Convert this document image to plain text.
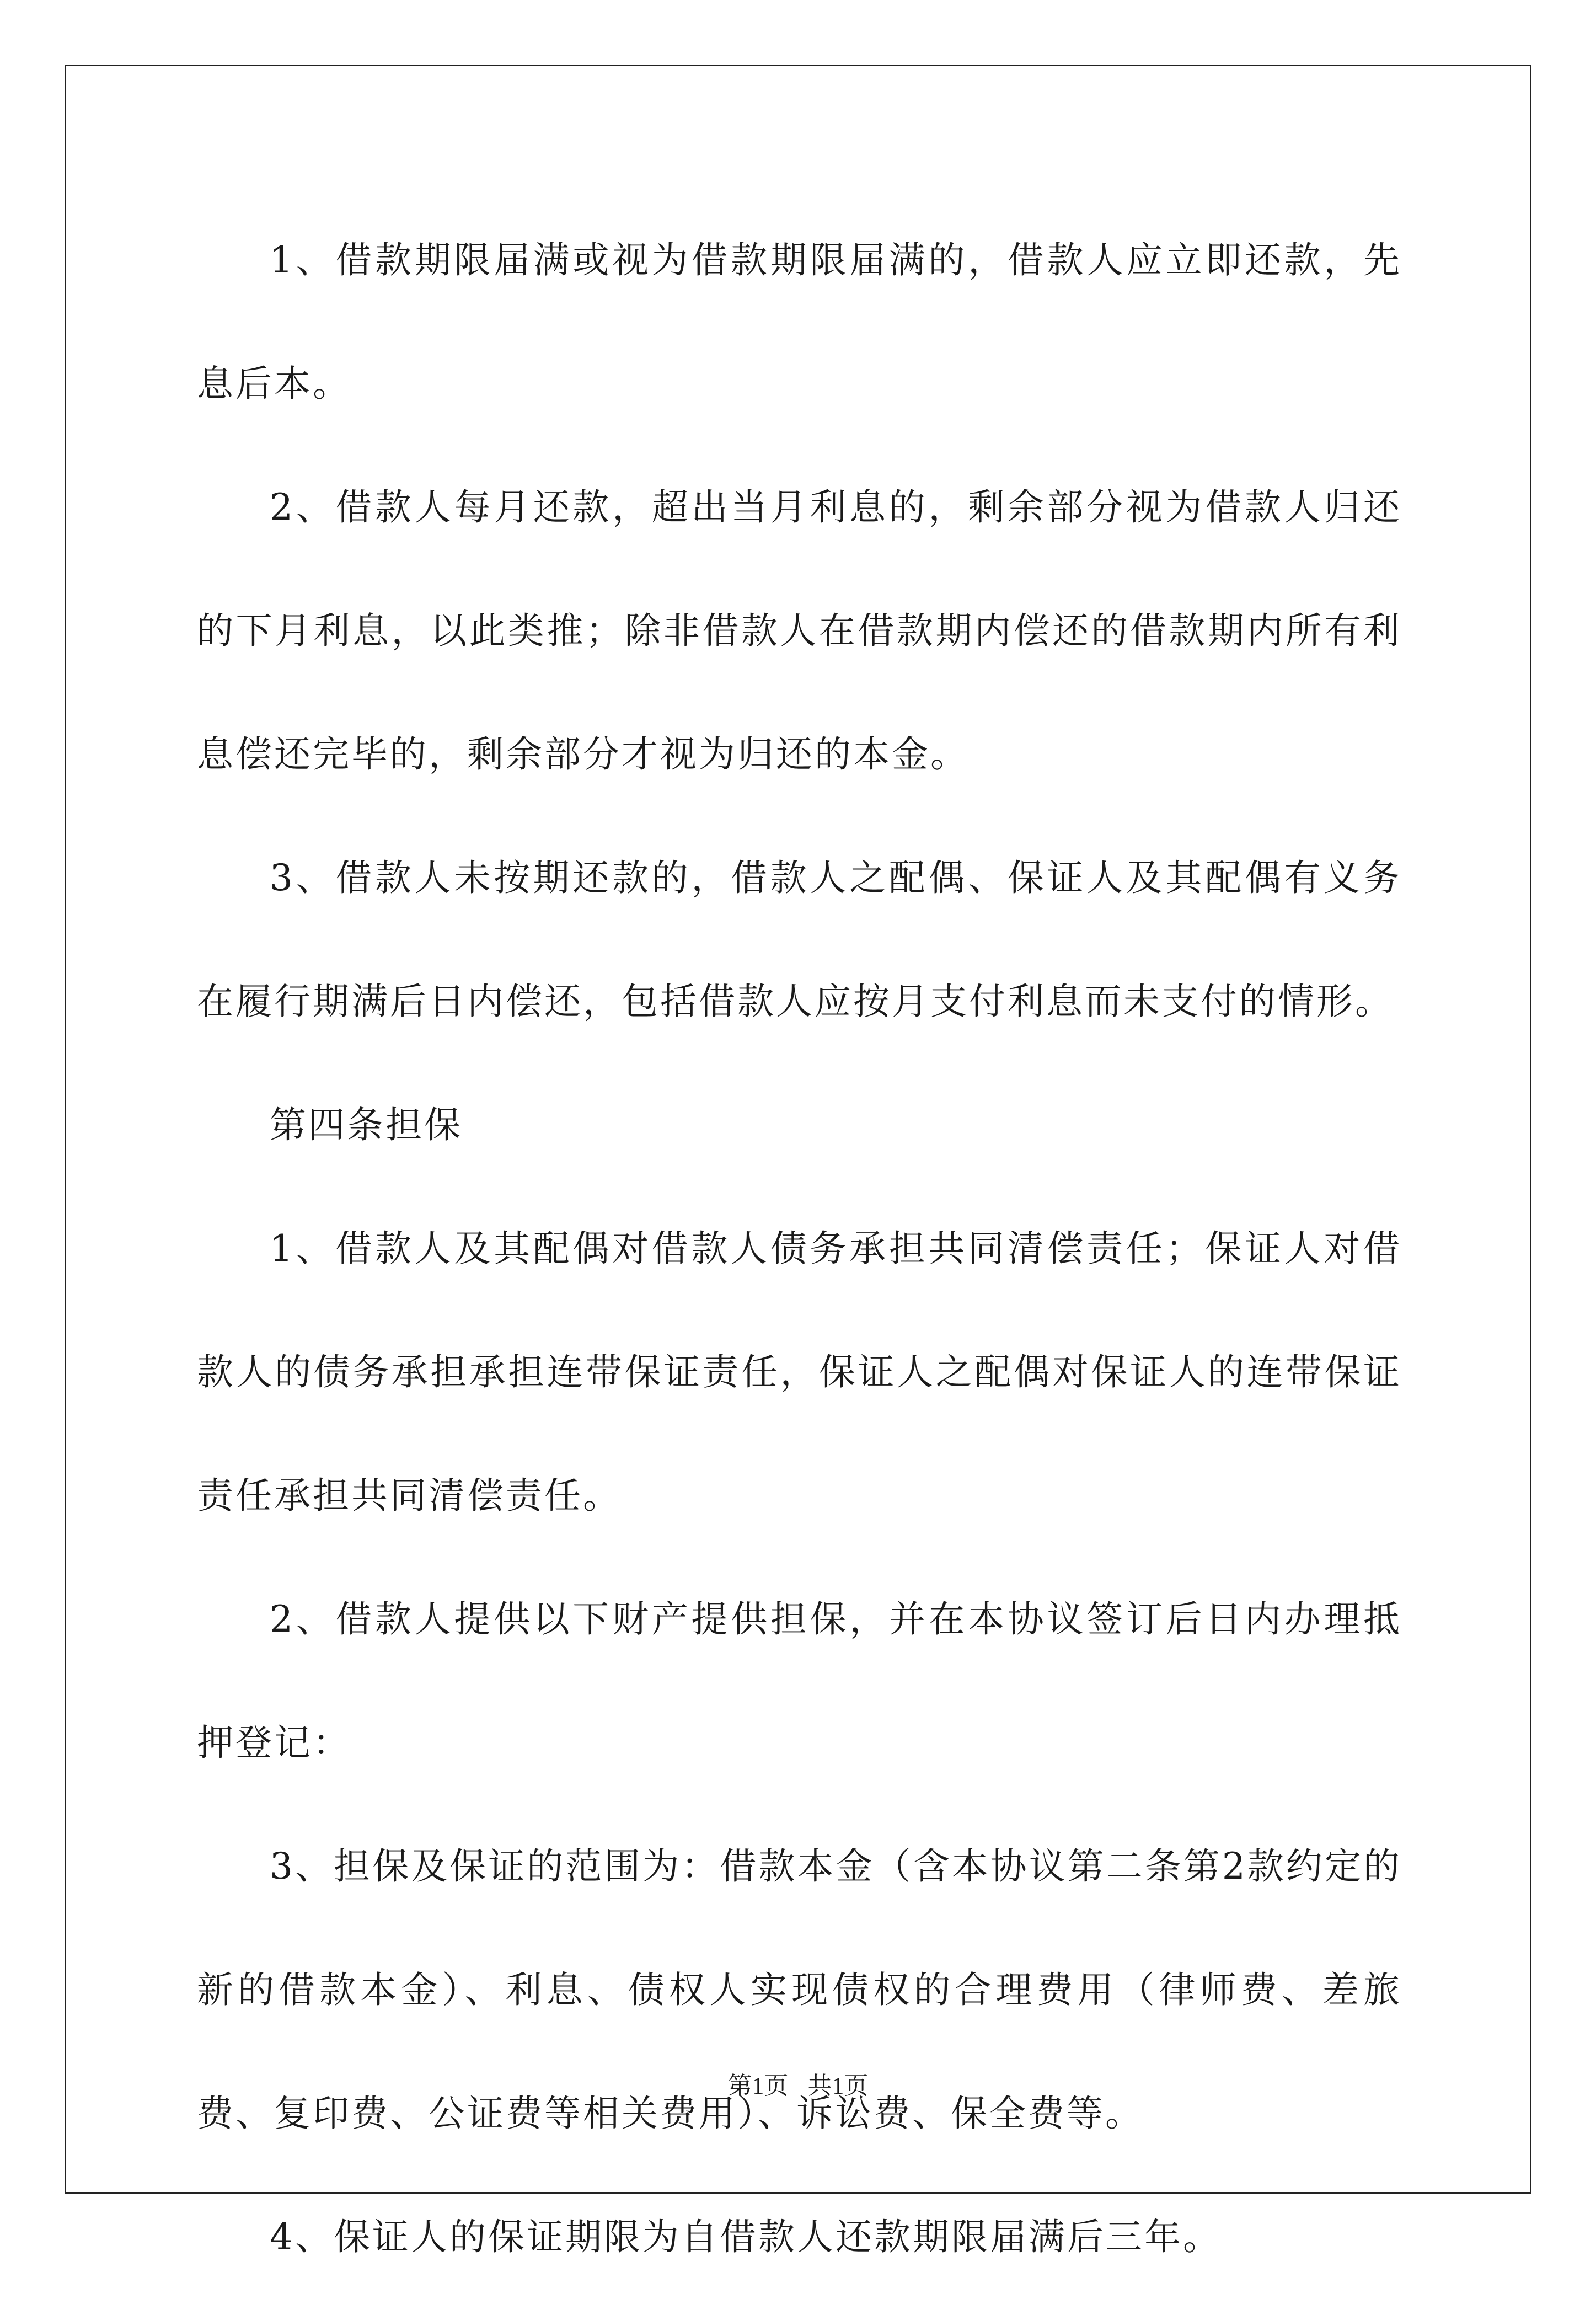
1、借款期限届满或视为借款期限届满的，借款人应立即还款，先息后本。

2、借款人每月还款，超出当月利息的，剩余部分视为借款人归还的下月利息，以此类推；除非借款人在借款期内偿还的借款期内所有利息偿还完毕的，剩余部分才视为归还的本金。

3、借款人未按期还款的，借款人之配偶、保证人及其配偶有义务在履行期满后日内偿还，包括借款人应按月支付利息而未支付的情形。

第四条担保

1、借款人及其配偶对借款人债务承担共同清偿责任；保证人对借款人的债务承担承担连带保证责任，保证人之配偶对保证人的连带保证责任承担共同清偿责任。

2、借款人提供以下财产提供担保，并在本协议签订后日内办理抵押登记：

3、担保及保证的范围为：借款本金（含本协议第二条第2款约定的新的借款本金）、利息、债权人实现债权的合理费用（律师费、差旅费、复印费、公证费等相关费用）、诉讼费、保全费等。

4、保证人的保证期限为自借款人还款期限届满后三年。

第1页 共1页
